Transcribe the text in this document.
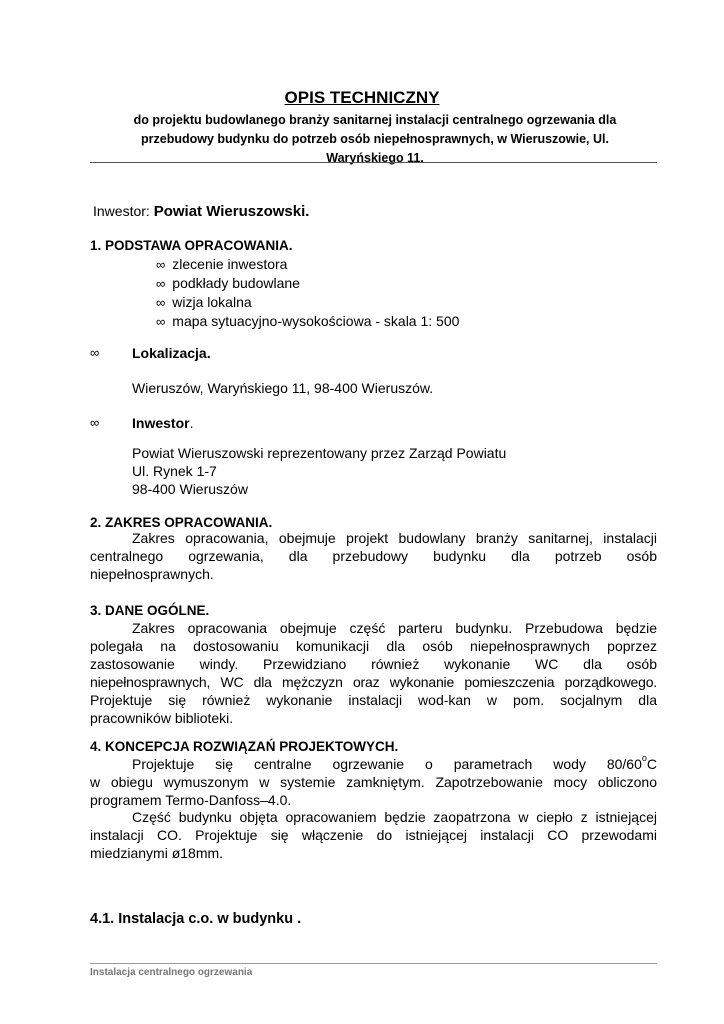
OPIS TECHNICZNY
do projektu budowlanego branży sanitarnej instalacji centralnego ogrzewania dla
przebudowy budynku do potrzeb osób niepełnosprawnych, w Wieruszowie, Ul.
Waryńskiego 11.
Inwestor: Powiat Wieruszowski.
1. PODSTAWA OPRACOWANIA.
∞ zlecenie inwestora
∞ podkłady budowlane
∞ wizja lokalna
∞ mapa sytuacyjno-wysokościowa - skala 1: 500
∞ Lokalizacja.
Wieruszów, Waryńskiego 11, 98-400 Wieruszów.
∞ Inwestor.
Powiat Wieruszowski reprezentowany przez Zarząd Powiatu
Ul. Rynek 1-7
98-400 Wieruszów
2. ZAKRES OPRACOWANIA.
Zakres opracowania, obejmuje projekt budowlany branży sanitarnej, instalacji
centralnego ogrzewania, dla przebudowy budynku dla potrzeb osób
niepełnosprawnych.
3. DANE OGÓLNE.
Zakres opracowania obejmuje część parteru budynku. Przebudowa będzie
polegała na dostosowaniu komunikacji dla osób niepełnosprawnych poprzez
zastosowanie windy. Przewidziano również wykonanie WC dla osób
niepełnosprawnych, WC dla mężczyzn oraz wykonanie pomieszczenia porządkowego.
Projektuje się również wykonanie instalacji wod-kan w pom. socjalnym dla
pracowników biblioteki.
4. KONCEPCJA ROZWIĄZAŃ PROJEKTOWYCH.
Projektuje się centralne ogrzewanie o parametrach wody 80/60 o C
w obiegu wymuszonym w systemie zamkniętym. Zapotrzebowanie mocy obliczono
programem Termo-Danfoss–4.0.
Część budynku objęta opracowaniem będzie zaopatrzona w ciepło z istniejącej
instalacji CO. Projektuje się włączenie do istniejącej instalacji CO przewodami
miedzianymi ø18mm.
4.1. Instalacja c.o. w budynku .
Instalacja centralnego ogrzewania
